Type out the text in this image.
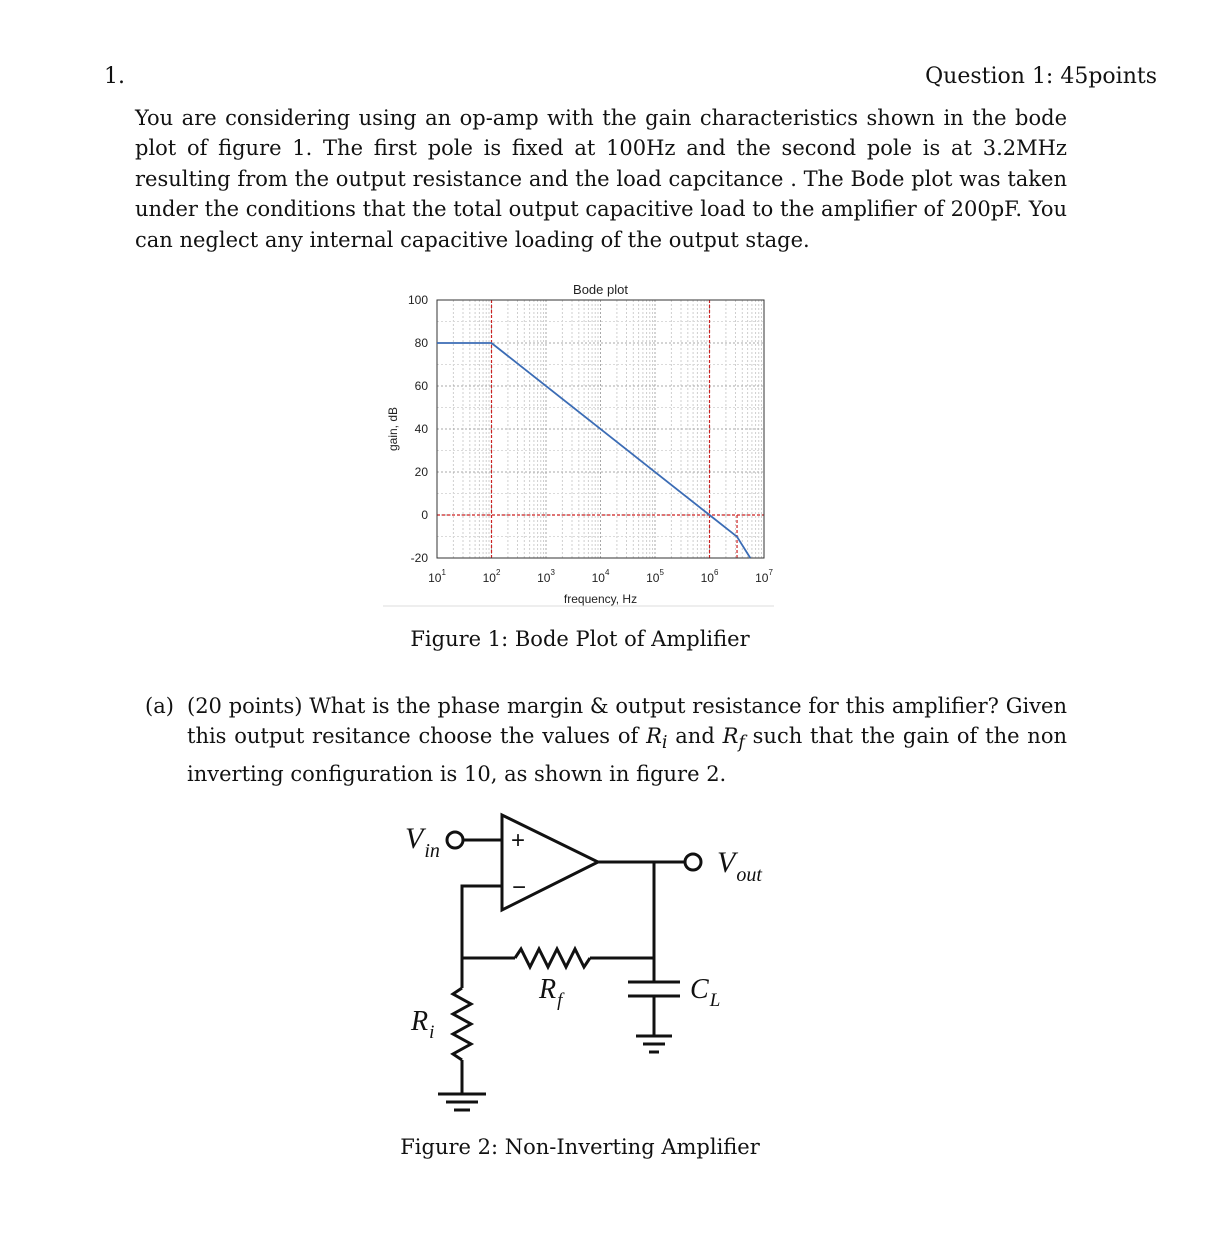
1.	Question 1: 45points
You are considering using an op-amp with the gain characteristics shown in the bode plot of figure 1. The first pole is fixed at 100Hz and the second pole is at 3.2MHz resulting from the output resistance and the load capcitance . The Bode plot was taken under the conditions that the total output capacitive load to the amplifier of 200pF. You can neglect any internal capacitive loading of the output stage.
$10^1$	$10^2$	$10^3$	$10^4$	$10^5$	$10^6$	$10^7$
100
80
60
40
20
0
-20
Bode plot
frequency, Hz
gain, dB
Figure 1: Bode Plot of Amplifier
(a) (20 points) What is the phase margin & output resistance for this amplifier? Given this output resitance choose the values of $R_i$ and $R_f$ such that the gain of the non inverting configuration is 10, as shown in figure 2.
+
−
$V_{in}$	$V_{out}$
$R_f$	$C_L$
$R_i$
Figure 2: Non-Inverting Amplifier
